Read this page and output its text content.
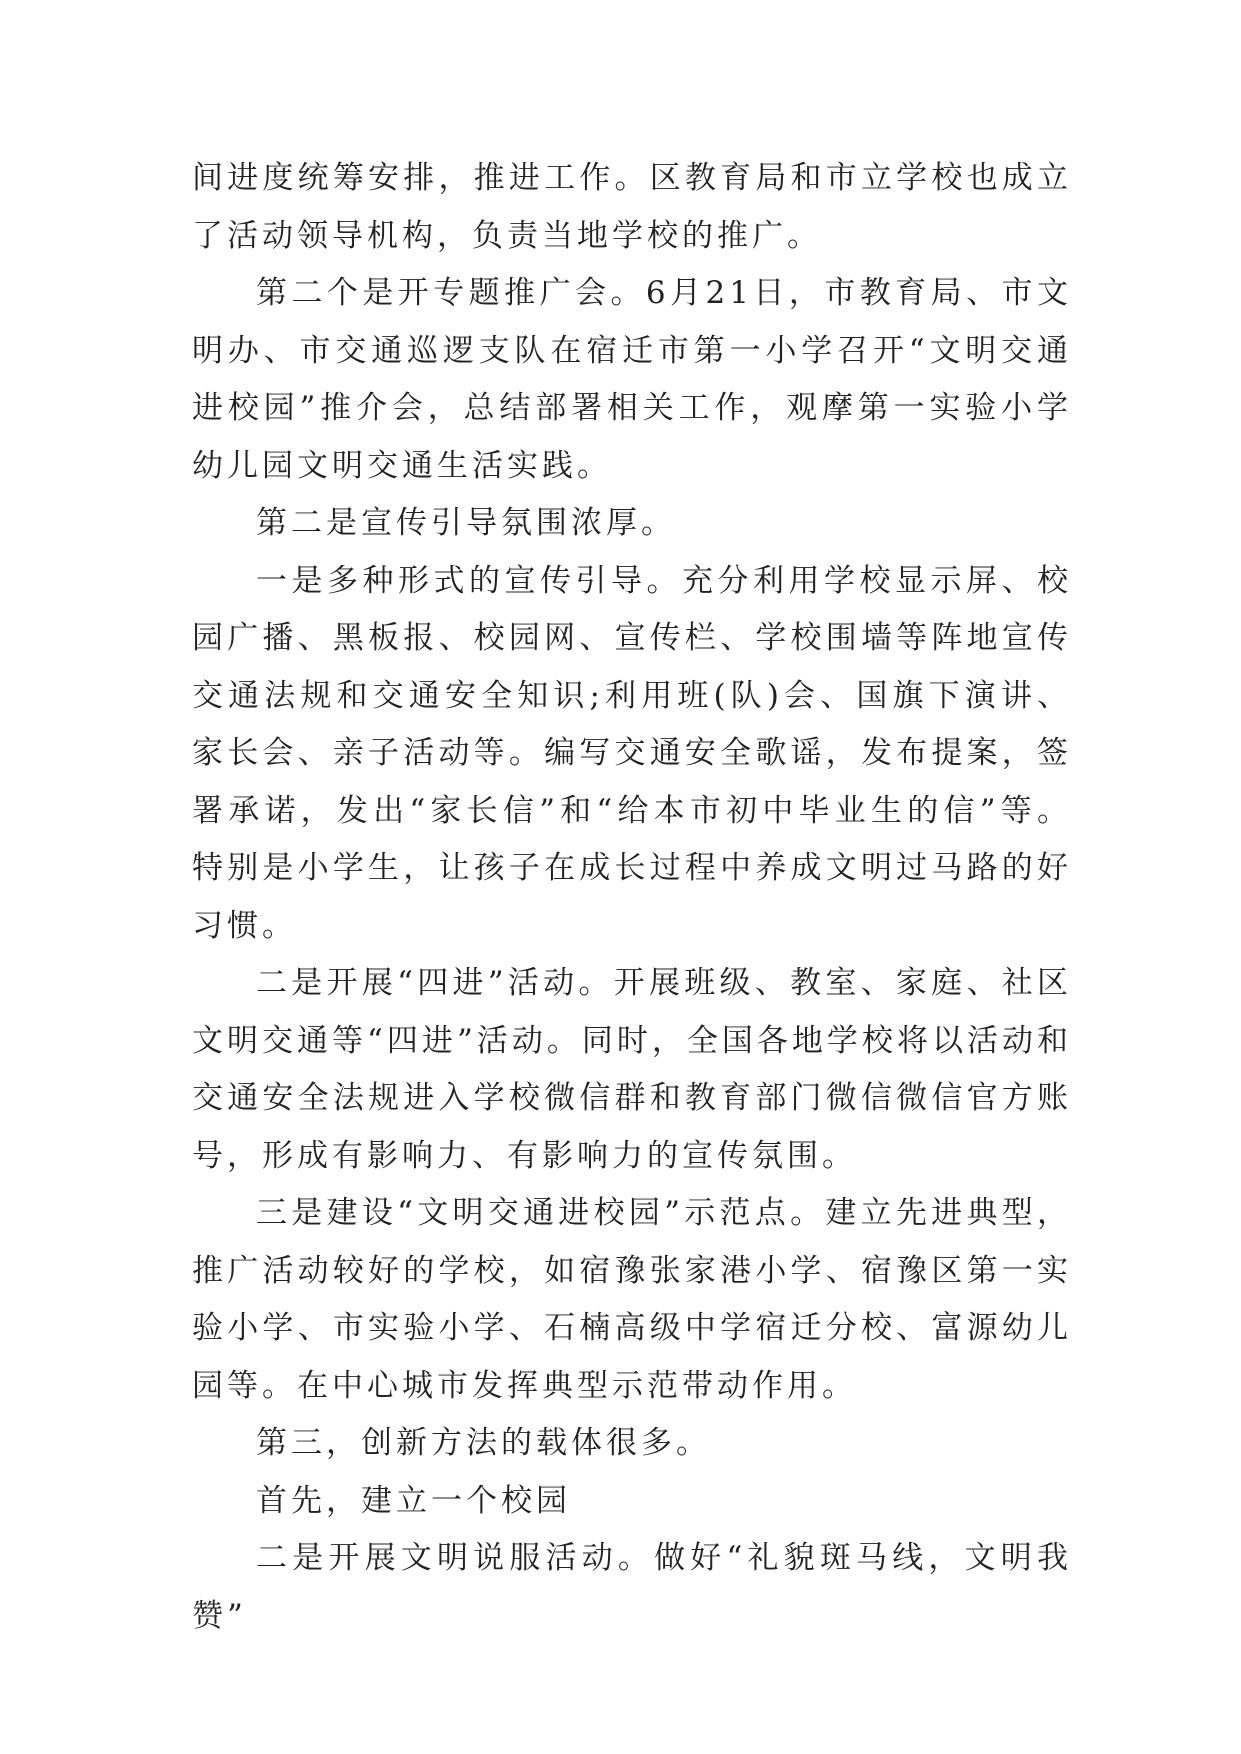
间进度统筹安排，推进工作。区教育局和市立学校也成立了活动领导机构，负责当地学校的推广。

第二个是开专题推广会。6月21日，市教育局、市文明办、市交通巡逻支队在宿迁市第一小学召开“文明交通进校园”推介会，总结部署相关工作，观摩第一实验小学幼儿园文明交通生活实践。

第二是宣传引导氛围浓厚。

一是多种形式的宣传引导。充分利用学校显示屏、校园广播、黑板报、校园网、宣传栏、学校围墙等阵地宣传交通法规和交通安全知识;利用班(队)会、国旗下演讲、家长会、亲子活动等。编写交通安全歌谣，发布提案，签署承诺，发出“家长信”和“给本市初中毕业生的信”等。特别是小学生，让孩子在成长过程中养成文明过马路的好习惯。

二是开展“四进”活动。开展班级、教室、家庭、社区文明交通等“四进”活动。同时，全国各地学校将以活动和交通安全法规进入学校微信群和教育部门微信微信官方账号，形成有影响力、有影响力的宣传氛围。

三是建设“文明交通进校园”示范点。建立先进典型，推广活动较好的学校，如宿豫张家港小学、宿豫区第一实验小学、市实验小学、石楠高级中学宿迁分校、富源幼儿园等。在中心城市发挥典型示范带动作用。

第三，创新方法的载体很多。

首先，建立一个校园

二是开展文明说服活动。做好“礼貌斑马线，文明我赞”
